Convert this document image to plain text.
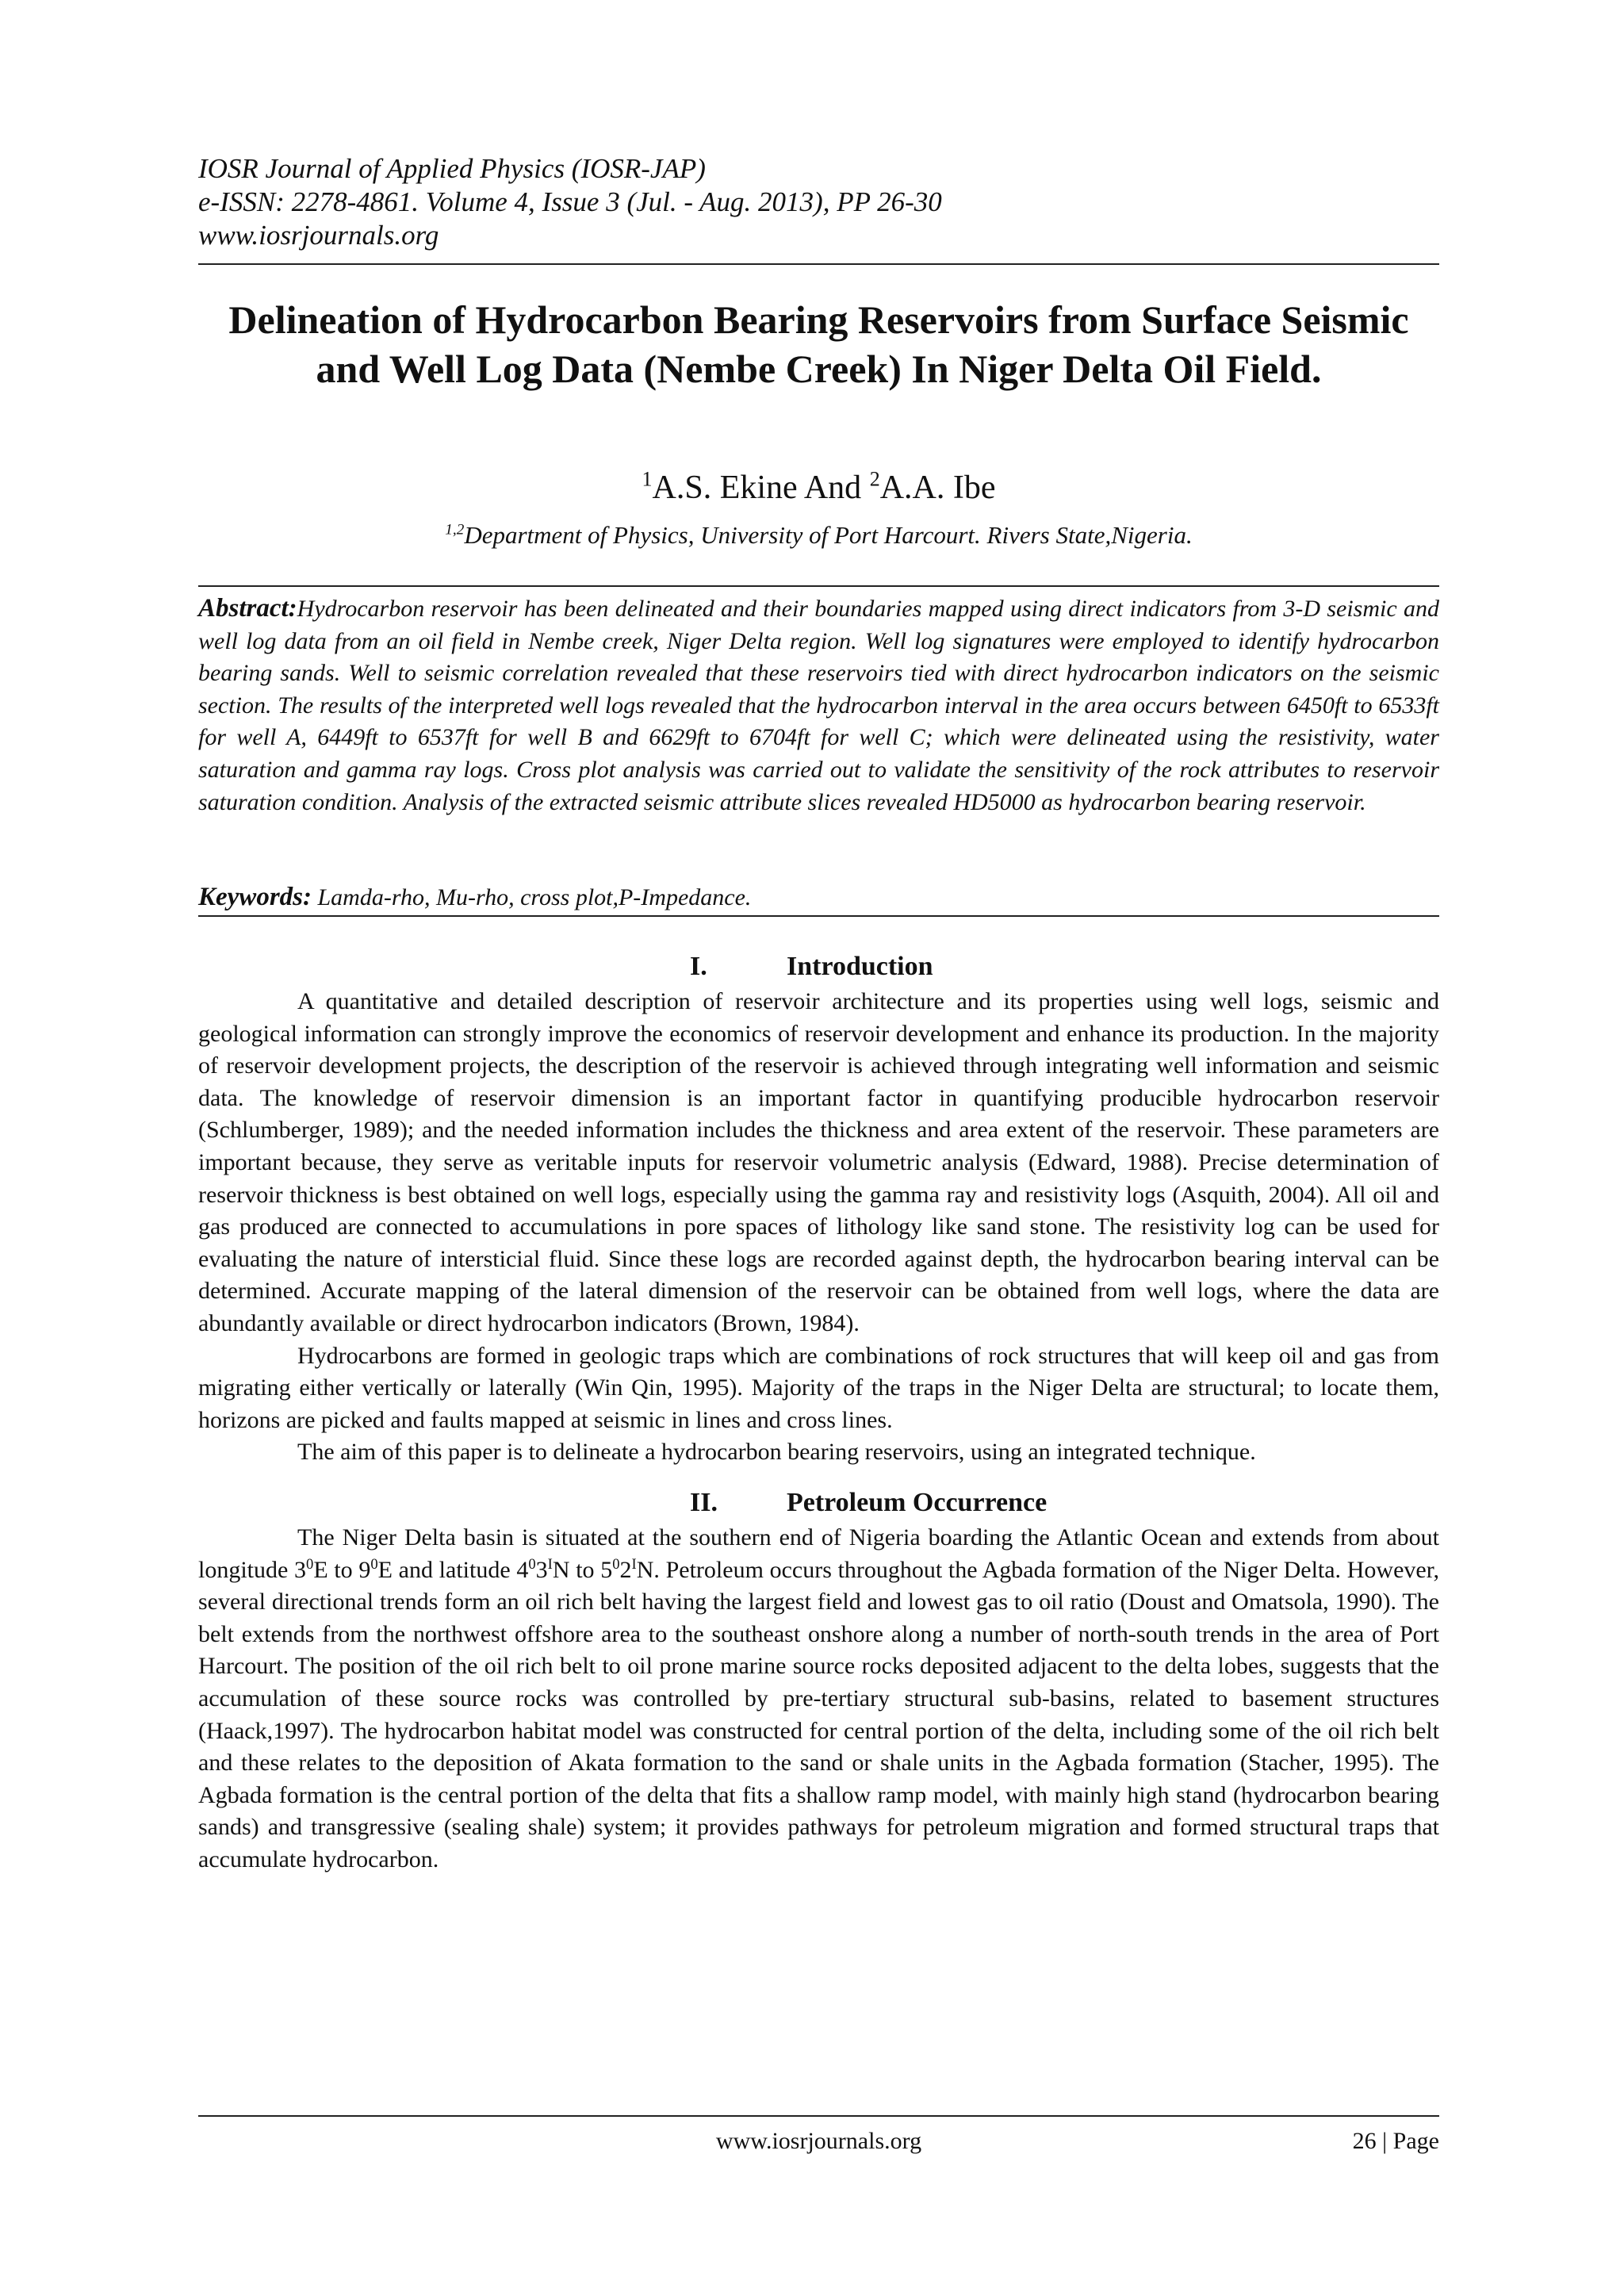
IOSR Journal of Applied Physics (IOSR-JAP)
e-ISSN: 2278-4861. Volume 4, Issue 3 (Jul. - Aug. 2013), PP 26-30
www.iosrjournals.org
Delineation of Hydrocarbon Bearing Reservoirs from Surface Seismic and Well Log Data (Nembe Creek) In Niger Delta Oil Field.
$^1$A.S. Ekine And $^2$A.A. Ibe
$^{1,2}$Department of Physics, University of Port Harcourt. Rivers State,Nigeria.
Abstract:Hydrocarbon reservoir has been delineated and their boundaries mapped using direct indicators from 3-D seismic and well log data from an oil field in Nembe creek, Niger Delta region. Well log signatures were employed to identify hydrocarbon bearing sands. Well to seismic correlation revealed that these reservoirs tied with direct hydrocarbon indicators on the seismic section. The results of the interpreted well logs revealed that the hydrocarbon interval in the area occurs between 6450ft to 6533ft for well A, 6449ft to 6537ft for well B and 6629ft to 6704ft for well C; which were delineated using the resistivity, water saturation and gamma ray logs. Cross plot analysis was carried out to validate the sensitivity of the rock attributes to reservoir saturation condition. Analysis of the extracted seismic attribute slices revealed HD5000 as hydrocarbon bearing reservoir.
Keywords: Lamda-rho, Mu-rho, cross plot,P-Impedance.
I.	Introduction

A quantitative and detailed description of reservoir architecture and its properties using well logs, seismic and geological information can strongly improve the economics of reservoir development and enhance its production. In the majority of reservoir development projects, the description of the reservoir is achieved through integrating well information and seismic data. The knowledge of reservoir dimension is an important factor in quantifying producible hydrocarbon reservoir (Schlumberger, 1989); and the needed information includes the thickness and area extent of the reservoir. These parameters are important because, they serve as veritable inputs for reservoir volumetric analysis (Edward, 1988). Precise determination of reservoir thickness is best obtained on well logs, especially using the gamma ray and resistivity logs (Asquith, 2004). All oil and gas produced are connected to accumulations in pore spaces of lithology like sand stone. The resistivity log can be used for evaluating the nature of intersticial fluid. Since these logs are recorded against depth, the hydrocarbon bearing interval can be determined. Accurate mapping of the lateral dimension of the reservoir can be obtained from well logs, where the data are abundantly available or direct hydrocarbon indicators (Brown, 1984).

Hydrocarbons are formed in geologic traps which are combinations of rock structures that will keep oil and gas from migrating either vertically or laterally (Win Qin, 1995). Majority of the traps in the Niger Delta are structural; to locate them, horizons are picked and faults mapped at seismic in lines and cross lines.

The aim of this paper is to delineate a hydrocarbon bearing reservoirs, using an integrated technique.

II.	Petroleum Occurrence

The Niger Delta basin is situated at the southern end of Nigeria boarding the Atlantic Ocean and extends from about longitude $3^0E$ to $9^0E$ and latitude $4^03^IN$ to $5^02^IN$. Petroleum occurs throughout the Agbada formation of the Niger Delta. However, several directional trends form an oil rich belt having the largest field and lowest gas to oil ratio (Doust and Omatsola, 1990). The belt extends from the northwest offshore area to the southeast onshore along a number of north-south trends in the area of Port Harcourt. The position of the oil rich belt to oil prone marine source rocks deposited adjacent to the delta lobes, suggests that the accumulation of these source rocks was controlled by pre-tertiary structural sub-basins, related to basement structures (Haack,1997). The hydrocarbon habitat model was constructed for central portion of the delta, including some of the oil rich belt and these relates to the deposition of Akata formation to the sand or shale units in the Agbada formation (Stacher, 1995). The Agbada formation is the central portion of the delta that fits a shallow ramp model, with mainly high stand (hydrocarbon bearing sands) and transgressive (sealing shale) system; it provides pathways for petroleum migration and formed structural traps that accumulate hydrocarbon.

www.iosrjournals.org	26 | Page
